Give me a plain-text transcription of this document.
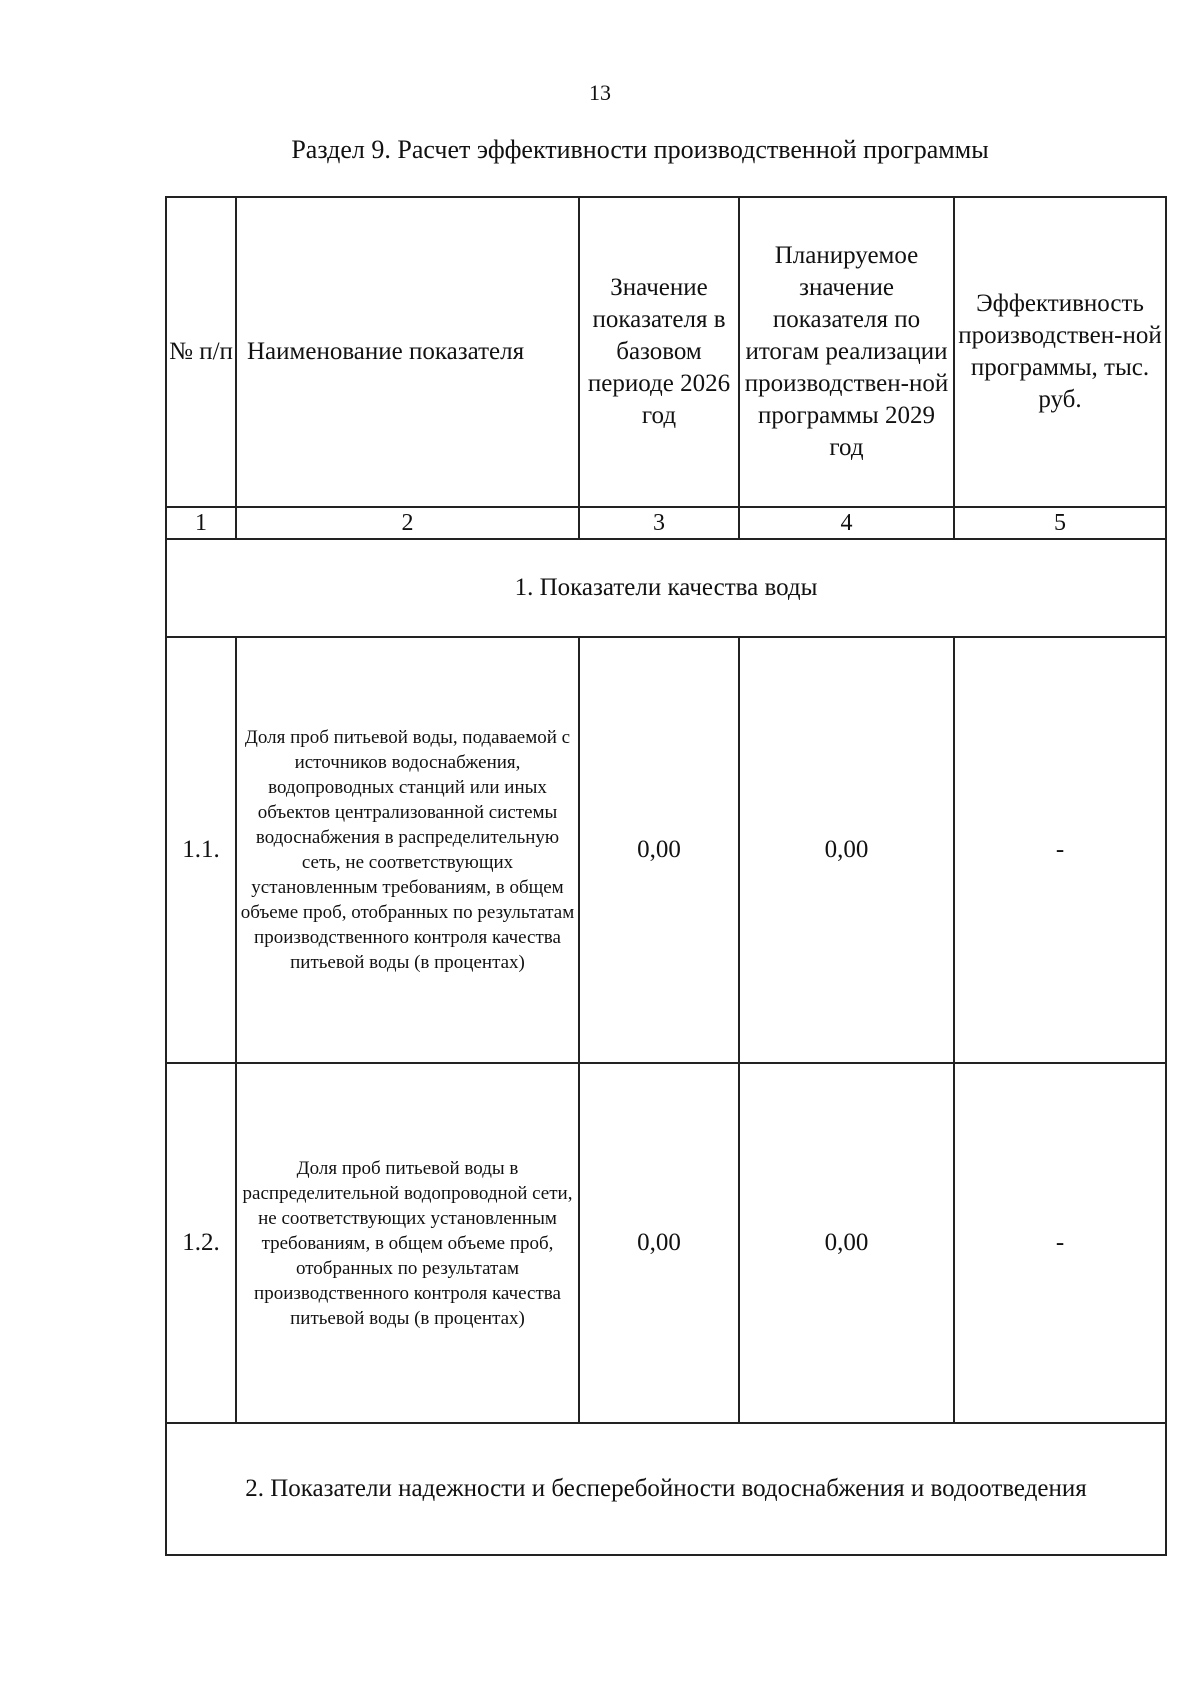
13
Раздел 9. Расчет эффективности производственной программы
№ п/п	Наименование показателя	Значение показателя в базовом периоде 2026 год	Планируемое значение показателя по итогам реализации производствен-ной программы 2029 год	Эффективность производствен-ной программы, тыс. руб.
1	2	3	4	5
1. Показатели качества воды				
1.1.	Доля проб питьевой воды, подаваемой с источников водоснабжения, водопроводных станций или иных объектов централизованной системы водоснабжения в распределительную сеть, не соответствующих установленным требованиям, в общем объеме проб, отобранных по результатам производственного контроля качества питьевой воды (в процентах)	0,00	0,00	-
1.2.	Доля проб питьевой воды в распределительной водопроводной сети, не соответствующих установленным требованиям, в общем объеме проб, отобранных по результатам производственного контроля качества питьевой воды (в процентах)	0,00	0,00	-
2. Показатели надежности и бесперебойности водоснабжения и водоотведения				
